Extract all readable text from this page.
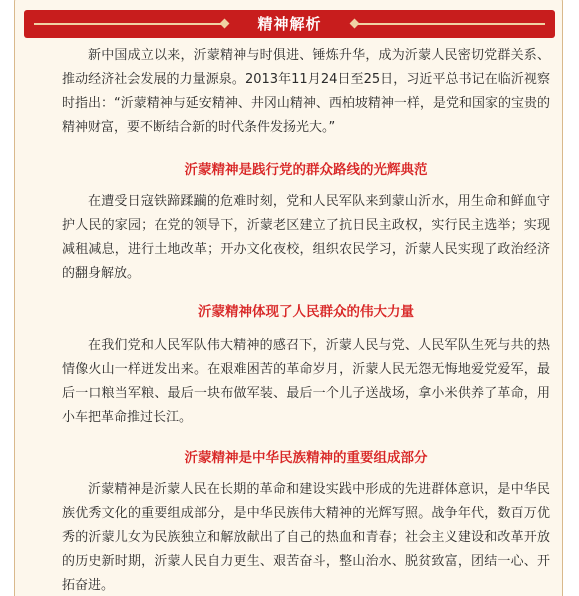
精神解析

新中国成立以来，沂蒙精神与时俱进、锤炼升华，成为沂蒙人民密切党群关系、推动经济社会发展的力量源泉。2013年11月24日至25日，习近平总书记在临沂视察时指出：“沂蒙精神与延安精神、井冈山精神、西柏坡精神一样，是党和国家的宝贵的精神财富，要不断结合新的时代条件发扬光大。”

沂蒙精神是践行党的群众路线的光辉典范

在遭受日寇铁蹄蹂躏的危难时刻，党和人民军队来到蒙山沂水，用生命和鲜血守护人民的家园；在党的领导下，沂蒙老区建立了抗日民主政权，实行民主选举；实现减租减息，进行土地改革；开办文化夜校，组织农民学习，沂蒙人民实现了政治经济的翻身解放。

沂蒙精神体现了人民群众的伟大力量

在我们党和人民军队伟大精神的感召下，沂蒙人民与党、人民军队生死与共的热情像火山一样迸发出来。在艰难困苦的革命岁月，沂蒙人民无怨无悔地爱党爱军，最后一口粮当军粮、最后一块布做军装、最后一个儿子送战场，拿小米供养了革命，用小车把革命推过长江。

沂蒙精神是中华民族精神的重要组成部分

沂蒙精神是沂蒙人民在长期的革命和建设实践中形成的先进群体意识，是中华民族优秀文化的重要组成部分，是中华民族伟大精神的光辉写照。战争年代，数百万优秀的沂蒙儿女为民族独立和解放献出了自己的热血和青春；社会主义建设和改革开放的历史新时期，沂蒙人民自力更生、艰苦奋斗，整山治水、脱贫致富，团结一心、开拓奋进。
